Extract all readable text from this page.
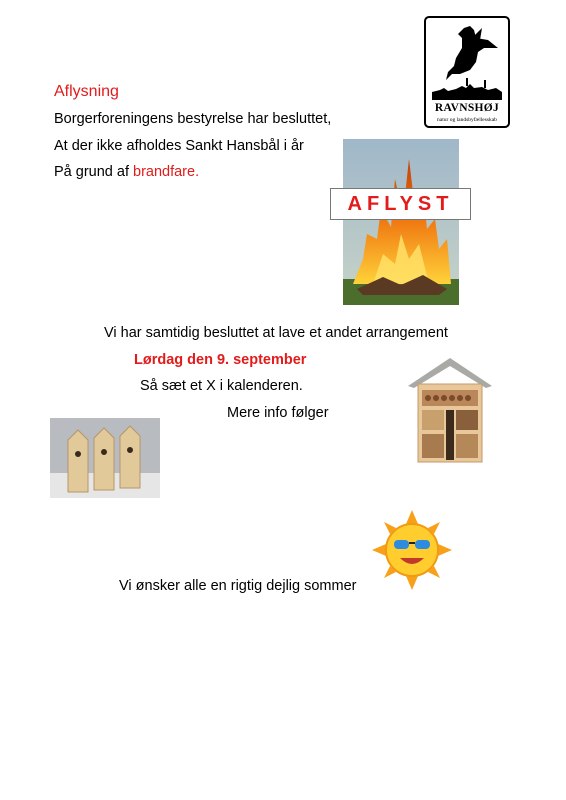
RAVNSHØJ
natur og landsbyfællesskab
Aflysning
Borgerforeningens bestyrelse har besluttet,
At der ikke afholdes Sankt Hansbål i år
På grund af brandfare.
AFLYST
Vi har samtidig besluttet at lave et andet arrangement
Lørdag den 9. september
Så sæt et X i kalenderen.
Mere info følger
Vi ønsker alle en rigtig dejlig sommer
